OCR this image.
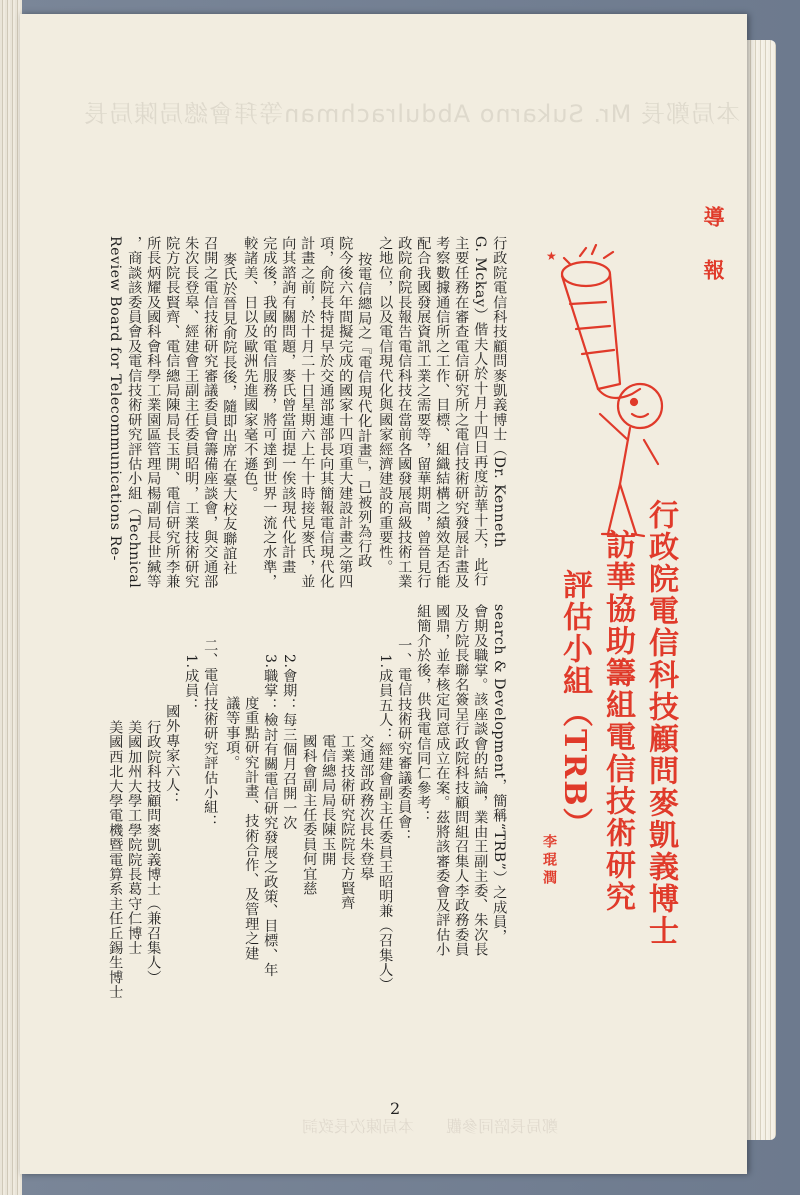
本局鄭長 Mr. Sukarno Abdulrachman等拜會總局陳局長
鄭局長陪同參觀　　本局陳次長致詞
導報
★
行政院電信科技顧問麥凱義博士
訪華協助籌組電信技術研究
評估小組（TRB）
李琨潤
行政院電信科技顧問麥凱義博士（Dr. Kenneth
G. Mckay）偕夫人於十月十四日再度訪華十天，此行
主要任務在審查電信研究所之電信技術研究發展計畫及
考察數據通信所之工作、目標、組織結構之績效是否能
配合我國發展資訊工業之需要等，留華期間，曾晉見行
政院俞院長報告電信科技在當前各國發展高級技術工業
之地位，以及電信現代化與國家經濟建設的重要性。
按電信總局之『電信現代化計畫』，已被列為行政
院今後六年間擬完成的國家十四項重大建設計畫之第四
項，俞院長特提早於交通部連部長向其簡報電信現代化
計畫之前，於十月二十日星期六上午十時接見麥氏，並
向其諮詢有關問題，麥氏曾當面提一俟該現代化計畫
完成後，我國的電信服務，將可達到世界一流之水準，
較諸美、日以及歐洲先進國家毫不遜色。
麥氏於晉見俞院長後，隨即出席在臺大校友聯誼社
召開之電信技術研究審議委員會籌備座談會，與交通部
朱次長登皋、經建會王副主任委員昭明，工業技術研究
院方院長賢齊、電信總局陳局長玉開、電信研究所李兼
所長炳耀及國科會科學工業園區管理局楊副局長世緘等
，商談該委員會及電信技術研究評估小組（Technical
Review Board for Telecommunications Re-
search & Development，簡稱“TRB”）之成員，
會期及職掌。該座談會的結論，業由王副主委、朱次長
及方院長聯名簽呈行政院科技顧問組召集人李政務委員
國鼎，並奉核定同意成立在案。茲將該審委會及評估小
組簡介於後，供我電信同仁參考：
一、電信技術研究審議委員會：
1.成員五人：經建會副主任委員王昭明兼（召集人）
交通部政務次長朱登皋
工業技術研究院院長方賢齊
電信總局局長陳玉開
國科會副主任委員何宜慈
2.會期：每三個月召開一次
3.職掌：檢討有關電信研究發展之政策、目標、年
度重點研究計畫、技術合作、及管理之建
議等事項。
二、電信技術研究評估小組：
1.成員：
國外專家六人：
行政院科技顧問麥凱義博士（兼召集人）
美國加州大學工學院院長葛守仁博士
美國西北大學電機暨電算系主任丘錫生博士
2
